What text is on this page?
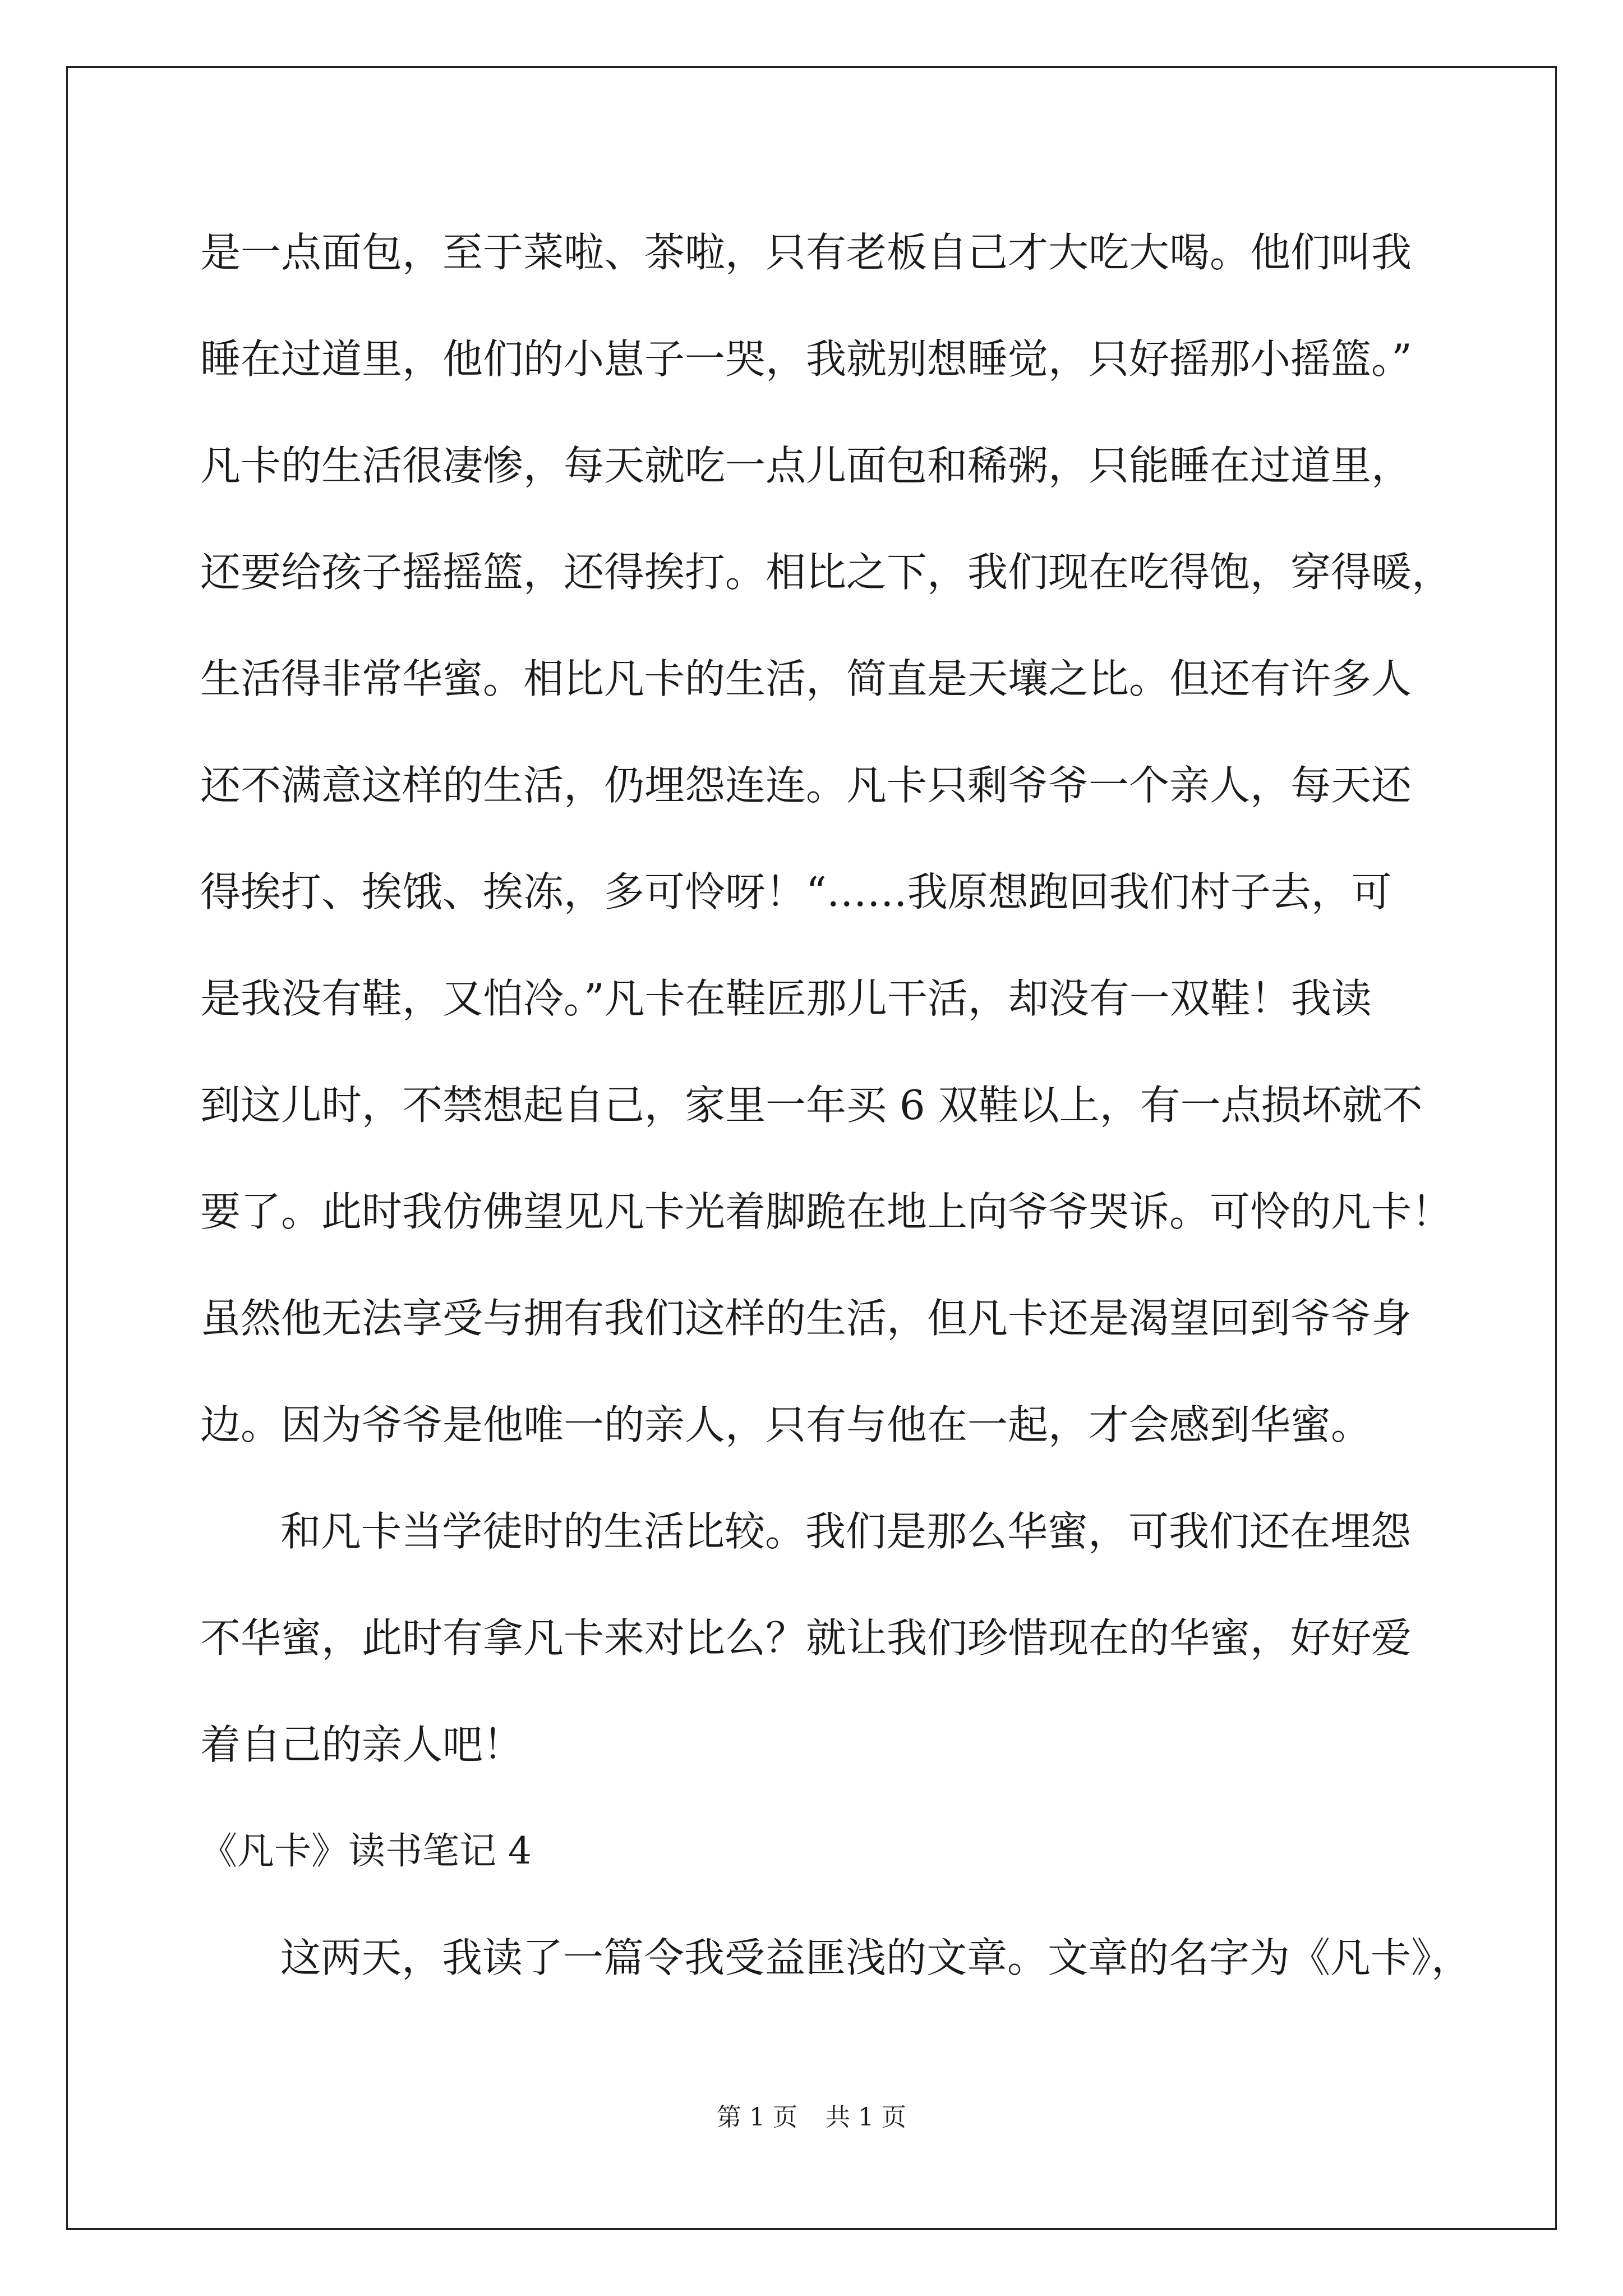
是一点面包，至于菜啦、茶啦，只有老板自己才大吃大喝。他们叫我
睡在过道里，他们的小崽子一哭，我就别想睡觉，只好摇那小摇篮。”
凡卡的生活很凄惨，每天就吃一点儿面包和稀粥，只能睡在过道里，
还要给孩子摇摇篮，还得挨打。相比之下，我们现在吃得饱，穿得暖，
生活得非常华蜜。相比凡卡的生活，简直是天壤之比。但还有许多人
还不满意这样的生活，仍埋怨连连。凡卡只剩爷爷一个亲人，每天还
得挨打、挨饿、挨冻，多可怜呀！“……我原想跑回我们村子去，可
是我没有鞋，又怕冷。”凡卡在鞋匠那儿干活，却没有一双鞋！我读
到这儿时，不禁想起自己，家里一年买 6 双鞋以上，有一点损坏就不
要了。此时我仿佛望见凡卡光着脚跪在地上向爷爷哭诉。可怜的凡卡！
虽然他无法享受与拥有我们这样的生活，但凡卡还是渴望回到爷爷身
边。因为爷爷是他唯一的亲人，只有与他在一起，才会感到华蜜。
和凡卡当学徒时的生活比较。我们是那么华蜜，可我们还在埋怨
不华蜜，此时有拿凡卡来对比么？就让我们珍惜现在的华蜜，好好爱
着自己的亲人吧！
《凡卡》读书笔记 4
这两天，我读了一篇令我受益匪浅的文章。文章的名字为《凡卡》，
第 1 页 共 1 页
